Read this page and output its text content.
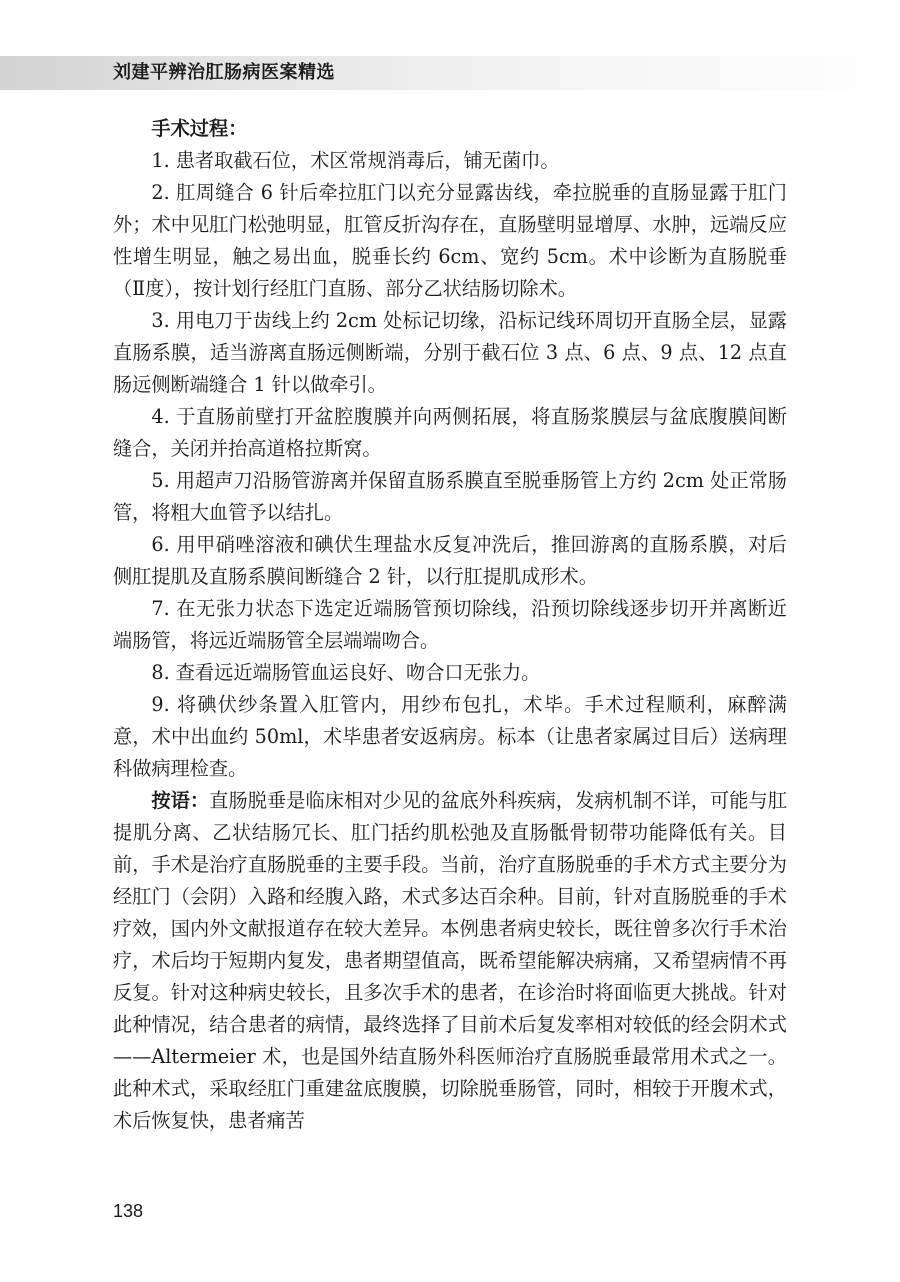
刘建平辨治肛肠病医案精选

手术过程：

1. 患者取截石位，术区常规消毒后，铺无菌巾。

2. 肛周缝合 6 针后牵拉肛门以充分显露齿线，牵拉脱垂的直肠显露于肛门外；术中见肛门松弛明显，肛管反折沟存在，直肠壁明显增厚、水肿，远端反应性增生明显，触之易出血，脱垂长约 6cm、宽约 5cm。术中诊断为直肠脱垂（Ⅱ度），按计划行经肛门直肠、部分乙状结肠切除术。

3. 用电刀于齿线上约 2cm 处标记切缘，沿标记线环周切开直肠全层，显露直肠系膜，适当游离直肠远侧断端，分别于截石位 3 点、6 点、9 点、12 点直肠远侧断端缝合 1 针以做牵引。

4. 于直肠前壁打开盆腔腹膜并向两侧拓展，将直肠浆膜层与盆底腹膜间断缝合，关闭并抬高道格拉斯窝。

5. 用超声刀沿肠管游离并保留直肠系膜直至脱垂肠管上方约 2cm 处正常肠管，将粗大血管予以结扎。

6. 用甲硝唑溶液和碘伏生理盐水反复冲洗后，推回游离的直肠系膜，对后侧肛提肌及直肠系膜间断缝合 2 针，以行肛提肌成形术。

7. 在无张力状态下选定近端肠管预切除线，沿预切除线逐步切开并离断近端肠管，将远近端肠管全层端端吻合。

8. 查看远近端肠管血运良好、吻合口无张力。

9. 将碘伏纱条置入肛管内，用纱布包扎，术毕。手术过程顺利，麻醉满意，术中出血约 50ml，术毕患者安返病房。标本（让患者家属过目后）送病理科做病理检查。

按语：直肠脱垂是临床相对少见的盆底外科疾病，发病机制不详，可能与肛提肌分离、乙状结肠冗长、肛门括约肌松弛及直肠骶骨韧带功能降低有关。目前，手术是治疗直肠脱垂的主要手段。当前，治疗直肠脱垂的手术方式主要分为经肛门（会阴）入路和经腹入路，术式多达百余种。目前，针对直肠脱垂的手术疗效，国内外文献报道存在较大差异。本例患者病史较长，既往曾多次行手术治疗，术后均于短期内复发，患者期望值高，既希望能解决病痛，又希望病情不再反复。针对这种病史较长，且多次手术的患者，在诊治时将面临更大挑战。针对此种情况，结合患者的病情，最终选择了目前术后复发率相对较低的经会阴术式——Altermeier 术，也是国外结直肠外科医师治疗直肠脱垂最常用术式之一。此种术式，采取经肛门重建盆底腹膜，切除脱垂肠管，同时，相较于开腹术式，术后恢复快，患者痛苦

138
